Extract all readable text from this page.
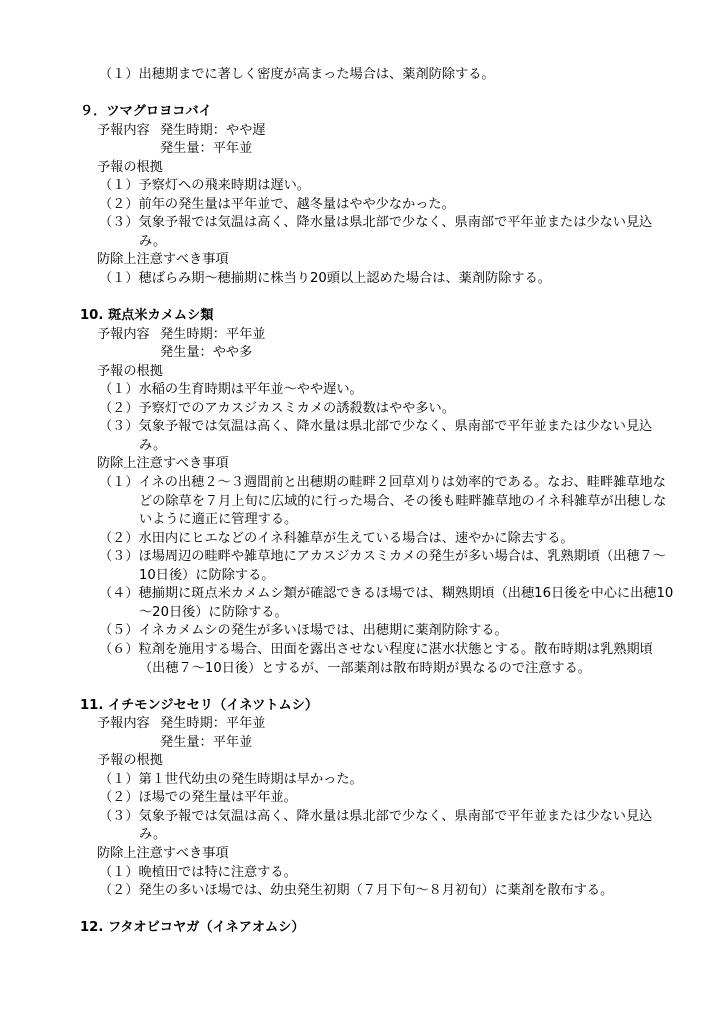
（１）出穂期までに著しく密度が高まった場合は、薬剤防除する。
９．ツマグロヨコバイ
予報内容 発生時期：やや遅
発生量：平年並
予報の根拠
（１）予察灯への飛来時期は遅い。
（２）前年の発生量は平年並で、越冬量はやや少なかった。
（３）気象予報では気温は高く、降水量は県北部で少なく、県南部で平年並または少ない見込
み。
防除上注意すべき事項
（１）穂ばらみ期～穂揃期に株当り20頭以上認めた場合は、薬剤防除する。
10. 斑点米カメムシ類
予報内容 発生時期：平年並
発生量：やや多
予報の根拠
（１）水稲の生育時期は平年並～やや遅い。
（２）予察灯でのアカスジカスミカメの誘殺数はやや多い。
（３）気象予報では気温は高く、降水量は県北部で少なく、県南部で平年並または少ない見込
み。
防除上注意すべき事項
（１）イネの出穂２～３週間前と出穂期の畦畔２回草刈りは効率的である。なお、畦畔雑草地な
どの除草を７月上旬に広域的に行った場合、その後も畦畔雑草地のイネ科雑草が出穂しな
いように適正に管理する。
（２）水田内にヒエなどのイネ科雑草が生えている場合は、速やかに除去する。
（３）ほ場周辺の畦畔や雑草地にアカスジカスミカメの発生が多い場合は、乳熟期頃（出穂７～
10日後）に防除する。
（４）穂揃期に斑点米カメムシ類が確認できるほ場では、糊熟期頃（出穂16日後を中心に出穂10
～20日後）に防除する。
（５）イネカメムシの発生が多いほ場では、出穂期に薬剤防除する。
（６）粒剤を施用する場合、田面を露出させない程度に湛水状態とする。散布時期は乳熟期頃
（出穂７～10日後）とするが、一部薬剤は散布時期が異なるので注意する。
11. イチモンジセセリ（イネツトムシ）
予報内容 発生時期：平年並
発生量：平年並
予報の根拠
（１）第１世代幼虫の発生時期は早かった。
（２）ほ場での発生量は平年並。
（３）気象予報では気温は高く、降水量は県北部で少なく、県南部で平年並または少ない見込
み。
防除上注意すべき事項
（１）晩植田では特に注意する。
（２）発生の多いほ場では、幼虫発生初期（７月下旬～８月初旬）に薬剤を散布する。
12. フタオビコヤガ（イネアオムシ）
